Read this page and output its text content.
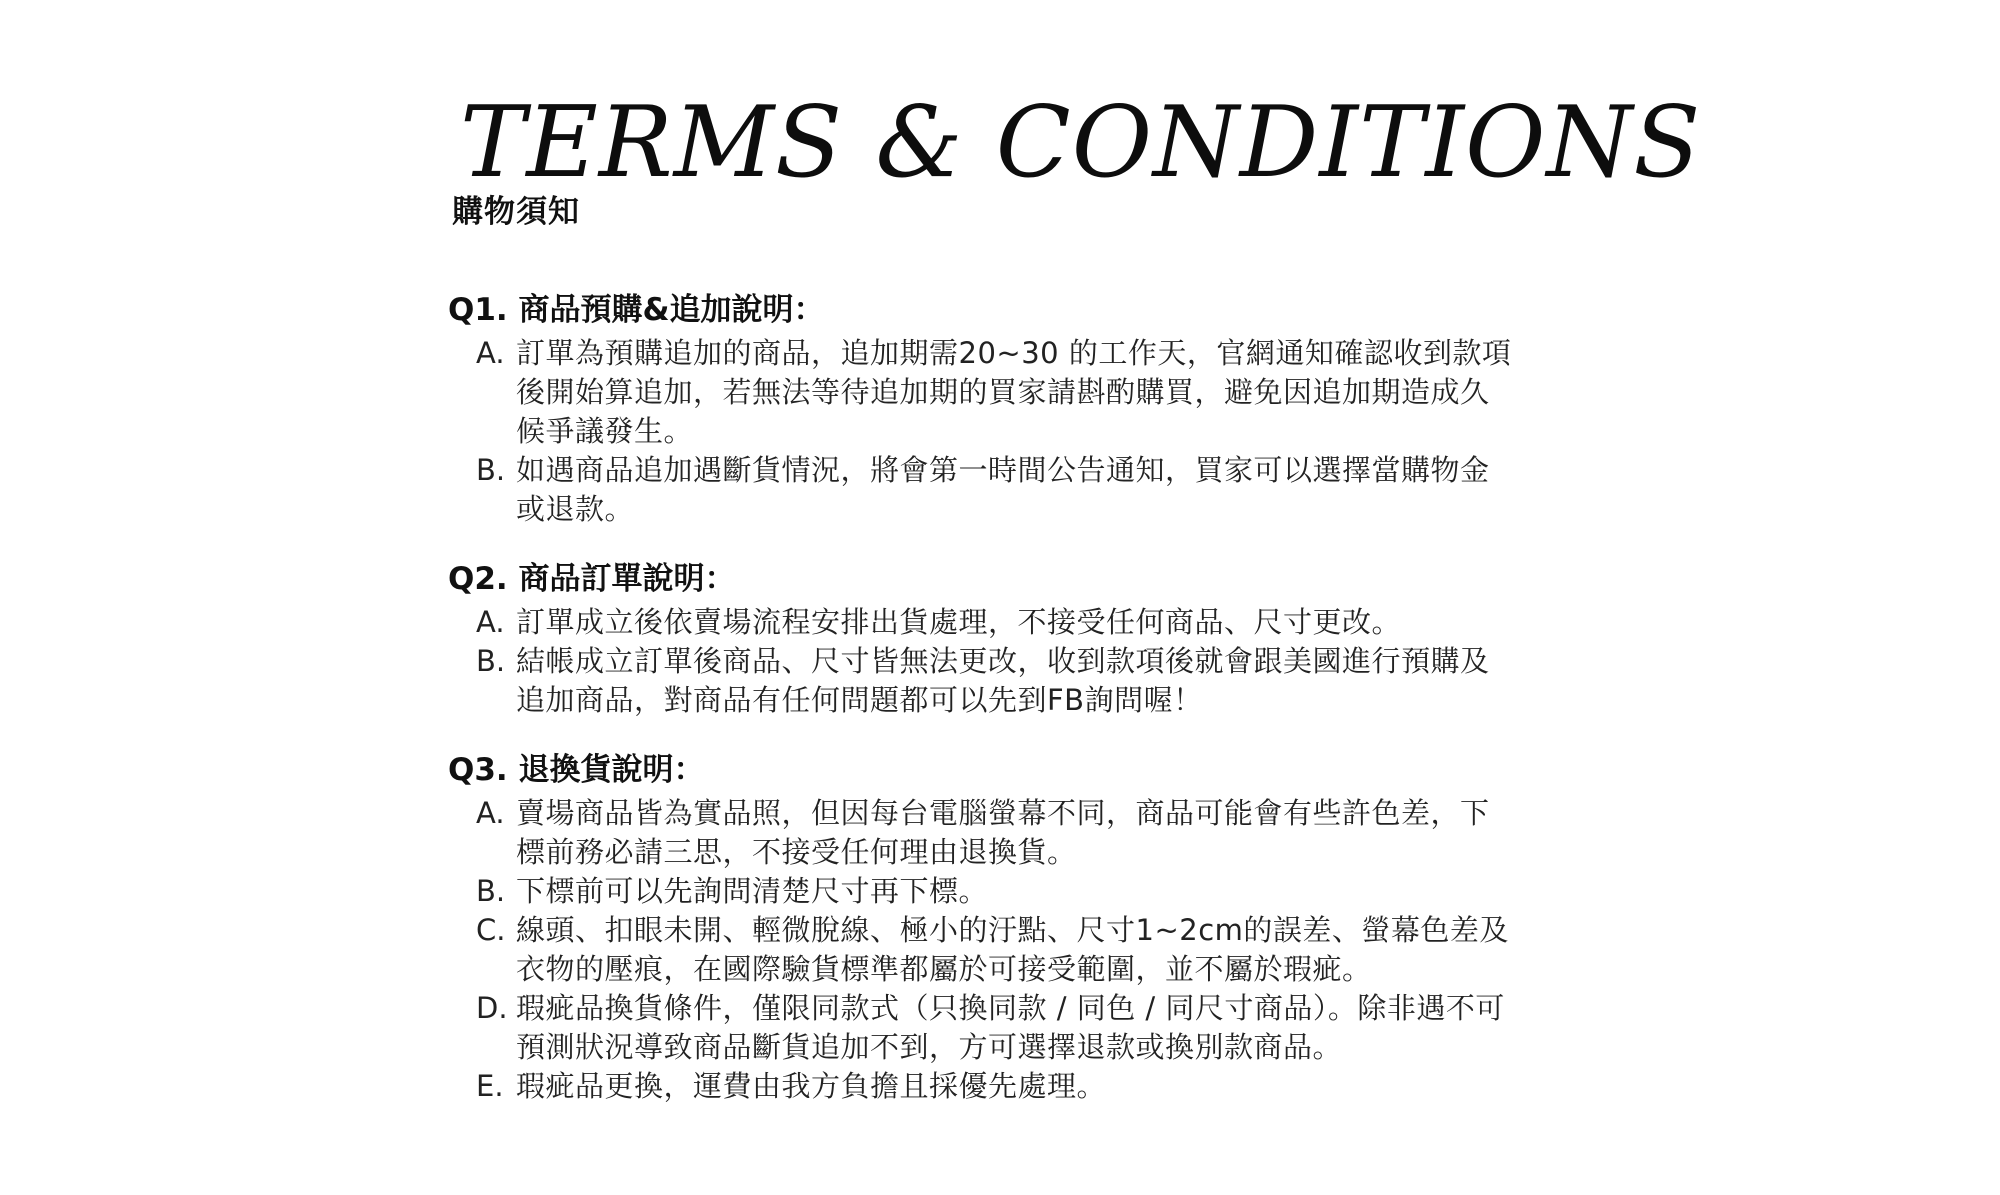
TERMS & CONDITIONS
購物須知
Q1. 商品預購&追加說明：
A. 訂單為預購追加的商品，追加期需20~30 的工作天，官網通知確認收到款項後開始算追加，若無法等待追加期的買家請斟酌購買，避免因追加期造成久候爭議發生。
B. 如遇商品追加遇斷貨情況，將會第一時間公告通知，買家可以選擇當購物金或退款。
Q2. 商品訂單說明：
A. 訂單成立後依賣場流程安排出貨處理，不接受任何商品、尺寸更改。
B. 結帳成立訂單後商品、尺寸皆無法更改，收到款項後就會跟美國進行預購及追加商品，對商品有任何問題都可以先到FB詢問喔！
Q3. 退換貨說明：
A. 賣場商品皆為實品照，但因每台電腦螢幕不同，商品可能會有些許色差，下標前務必請三思，不接受任何理由退換貨。
B. 下標前可以先詢問清楚尺寸再下標。
C. 線頭、扣眼未開、輕微脫線、極小的汙點、尺寸1~2cm的誤差、螢幕色差及衣物的壓痕，在國際驗貨標準都屬於可接受範圍，並不屬於瑕疵。
D. 瑕疵品換貨條件，僅限同款式（只換同款 / 同色 / 同尺寸商品）。除非遇不可預測狀況導致商品斷貨追加不到，方可選擇退款或換別款商品。
E. 瑕疵品更換，運費由我方負擔且採優先處理。
